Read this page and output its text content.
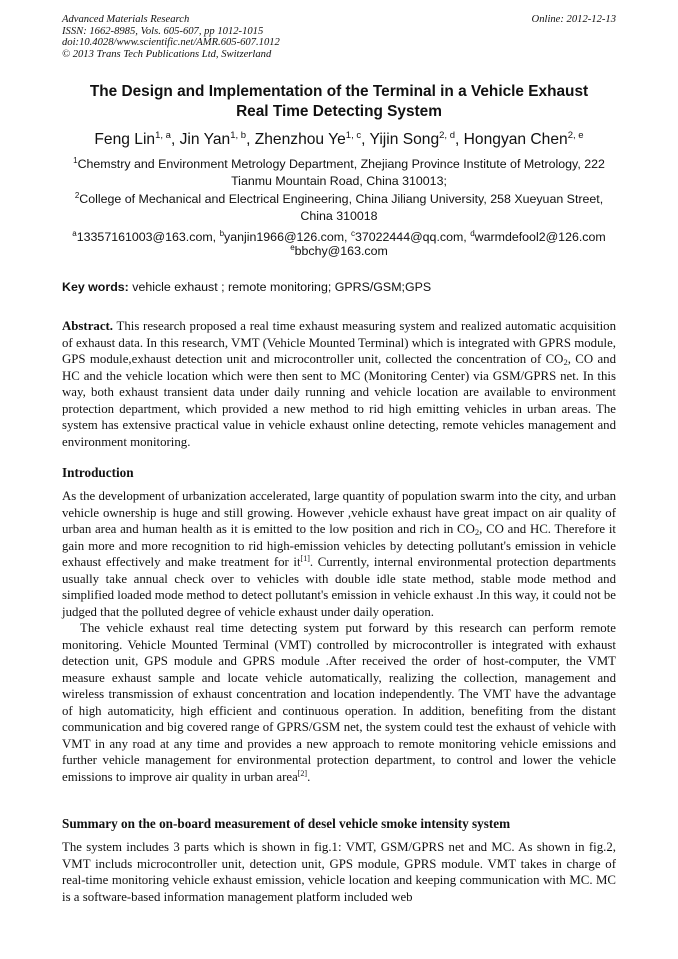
Advanced Materials Research
ISSN: 1662-8985, Vols. 605-607, pp 1012-1015
doi:10.4028/www.scientific.net/AMR.605-607.1012
© 2013 Trans Tech Publications Ltd, Switzerland
Online: 2012-12-13
The Design and Implementation of the Terminal in a Vehicle Exhaust
Real Time Detecting System
Feng Lin$^{1, a}$, Jin Yan$^{1, b}$, Zhenzhou Ye$^{1, c}$, Yijin Song$^{2, d}$, Hongyan Chen$^{2, e}$
$^1$Chemstry and Environment Metrology Department, Zhejiang Province Institute of Metrology, 222 Tianmu Mountain Road, China 310013;
$^2$College of Mechanical and Electrical Engineering, China Jiliang University, 258 Xueyuan Street, China 310018
$^a$13357161003@163.com, $^b$yanjin1966@126.com, $^c$37022444@qq.com, $^d$warmdefool2@126.com
$^e$bbchy@163.com
Key words: vehicle exhaust ; remote monitoring; GPRS/GSM;GPS

Abstract. This research proposed a real time exhaust measuring system and realized automatic acquisition of exhaust data. In this research, VMT (Vehicle Mounted Terminal) which is integrated with GPRS module, GPS module,exhaust detection unit and microcontroller unit, collected the concentration of $CO_2$, CO and HC and the vehicle location which were then sent to MC (Monitoring Center) via GSM/GPRS net. In this way, both exhaust transient data under daily running and vehicle location are available to environment protection department, which provided a new method to rid high emitting vehicles in urban areas. The system has extensive practical value in vehicle exhaust online detecting, remote vehicles management and environment monitoring.

Introduction

As the development of urbanization accelerated, large quantity of population swarm into the city, and urban vehicle ownership is huge and still growing. However ,vehicle exhaust have great impact on air quality of urban area and human health as it is emitted to the low position and rich in $CO_2$, CO and HC. Therefore it gain more and more recognition to rid high-emission vehicles by detecting pollutant's emission in vehicle exhaust effectively and make treatment for it[1]. Currently, internal environmental protection departments usually take annual check over to vehicles with double idle state method, stable mode method and simplified loaded mode method to detect pollutant's emission in vehicle exhaust .In this way, it could not be judged that the polluted degree of vehicle exhaust under daily operation.

The vehicle exhaust real time detecting system put forward by this research can perform remote monitoring. Vehicle Mounted Terminal (VMT) controlled by microcontroller is integrated with exhaust detection unit, GPS module and GPRS module .After received the order of host-computer, the VMT measure exhaust sample and locate vehicle automatically, realizing the collection, management and wireless transmission of exhaust concentration and location independently. The VMT have the advantage of high automaticity, high efficient and continuous operation. In addition, benefiting from the distant communication and big covered range of GPRS/GSM net, the system could test the exhaust of vehicle with VMT in any road at any time and provides a new approach to remote monitoring vehicle emissions and further vehicle management for environmental protection department, to control and lower the vehicle emissions to improve air quality in urban area[2].

Summary on the on-board measurement of desel vehicle smoke intensity system

The system includes 3 parts which is shown in fig.1: VMT, GSM/GPRS net and MC. As shown in fig.2, VMT includs microcontroller unit, detection unit, GPS module, GPRS module. VMT takes in charge of real-time monitoring vehicle exhaust emission, vehicle location and keeping communication with MC. MC is a software-based information management platform included web
